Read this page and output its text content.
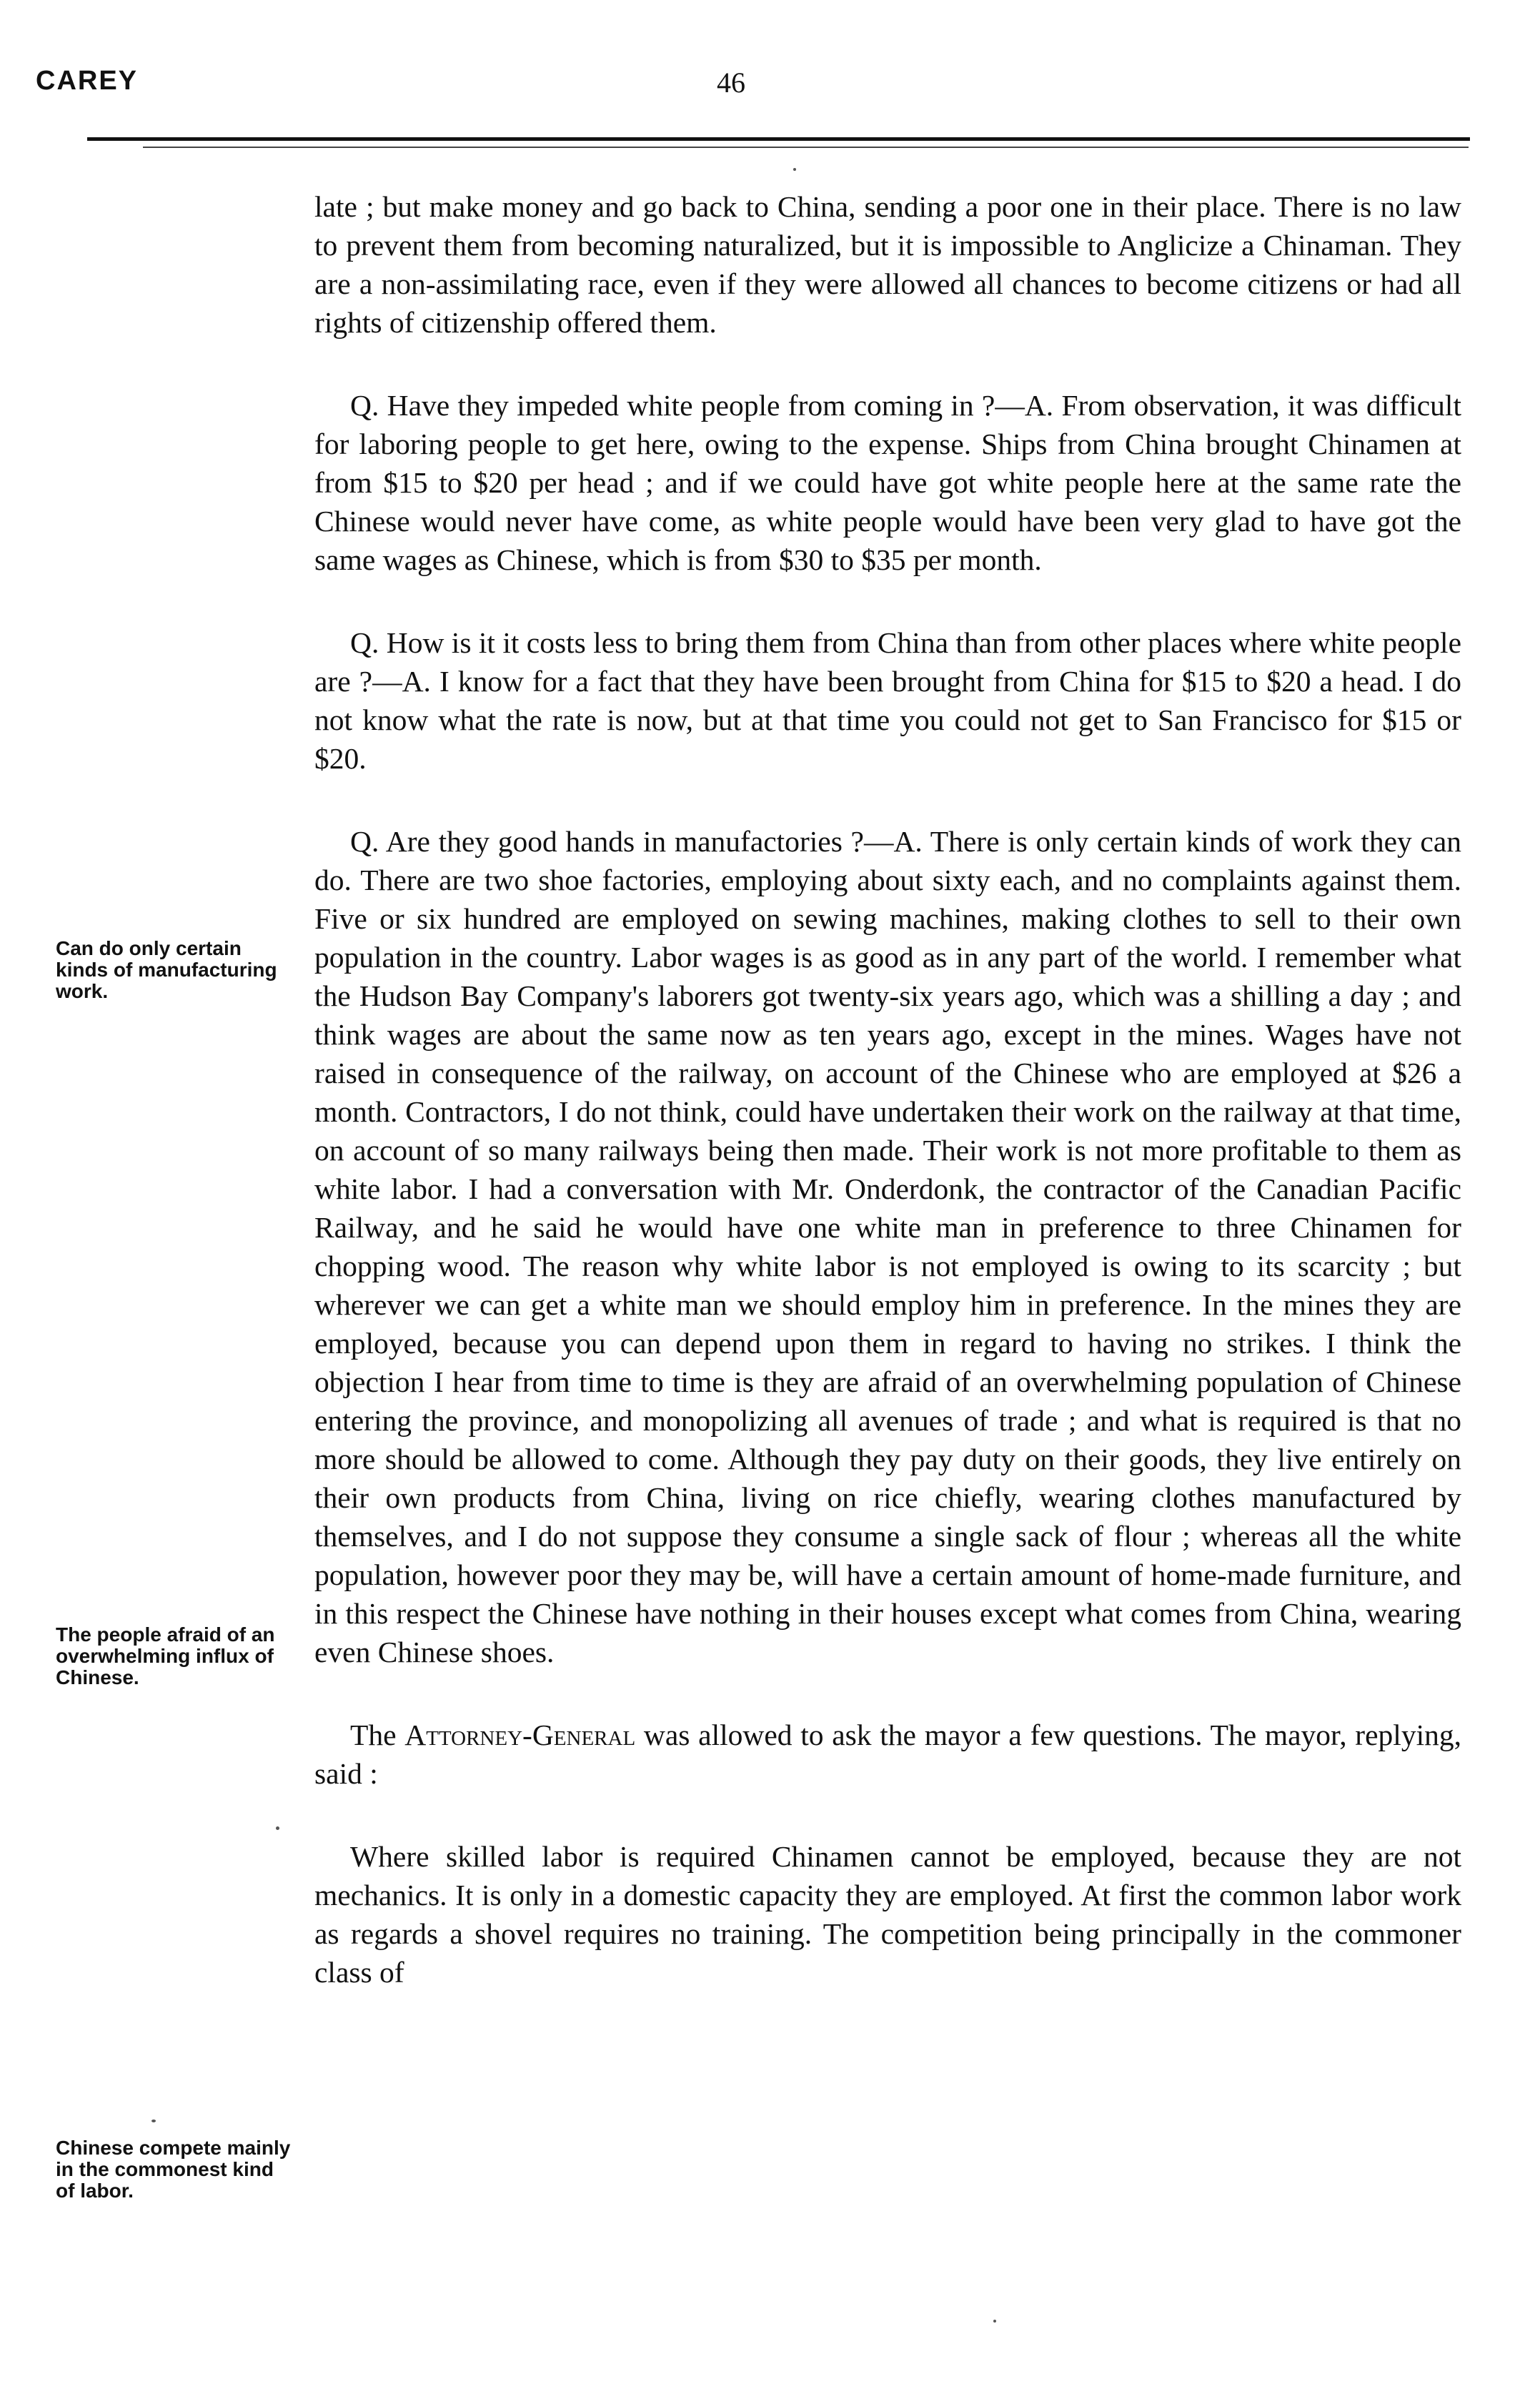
CAREY	46
Can do only certain kinds of manufacturing work.
The people afraid of an overwhelming influx of Chinese.
Chinese compete mainly in the commonest kind of labor.

late ; but make money and go back to China, sending a poor one in their place. There is no law to prevent them from becoming naturalized, but it is impossible to Anglicize a Chinaman. They are a non-assimilating race, even if they were allowed all chances to become citizens or had all rights of citizenship offered them.

Q. Have they impeded white people from coming in ?—A. From observation, it was difficult for laboring people to get here, owing to the expense. Ships from China brought Chinamen at from $15 to $20 per head ; and if we could have got white people here at the same rate the Chinese would never have come, as white people would have been very glad to have got the same wages as Chinese, which is from $30 to $35 per month.

Q. How is it it costs less to bring them from China than from other places where white people are ?—A. I know for a fact that they have been brought from China for $15 to $20 a head. I do not know what the rate is now, but at that time you could not get to San Francisco for $15 or $20.

Q. Are they good hands in manufactories ?—A. There is only certain kinds of work they can do. There are two shoe factories, employing about sixty each, and no complaints against them. Five or six hundred are employed on sewing machines, making clothes to sell to their own population in the country. Labor wages is as good as in any part of the world. I remember what the Hudson Bay Company's laborers got twenty-six years ago, which was a shilling a day ; and think wages are about the same now as ten years ago, except in the mines. Wages have not raised in consequence of the railway, on account of the Chinese who are employed at $26 a month. Contractors, I do not think, could have undertaken their work on the railway at that time, on account of so many railways being then made. Their work is not more profitable to them as white labor. I had a conversation with Mr. Onderdonk, the contractor of the Canadian Pacific Railway, and he said he would have one white man in preference to three Chinamen for chopping wood. The reason why white labor is not employed is owing to its scarcity ; but wherever we can get a white man we should employ him in preference. In the mines they are employed, because you can depend upon them in regard to having no strikes. I think the objection I hear from time to time is they are afraid of an overwhelming population of Chinese entering the province, and monopolizing all avenues of trade ; and what is required is that no more should be allowed to come. Although they pay duty on their goods, they live entirely on their own products from China, living on rice chiefly, wearing clothes manufactured by themselves, and I do not suppose they consume a single sack of flour ; whereas all the white population, however poor they may be, will have a certain amount of home-made furniture, and in this respect the Chinese have nothing in their houses except what comes from China, wearing even Chinese shoes.

The Attorney-General was allowed to ask the mayor a few questions. The mayor, replying, said :

Where skilled labor is required Chinamen cannot be employed, because they are not mechanics. It is only in a domestic capacity they are employed. At first the common labor work as regards a shovel requires no training. The competition being principally in the commoner class of
